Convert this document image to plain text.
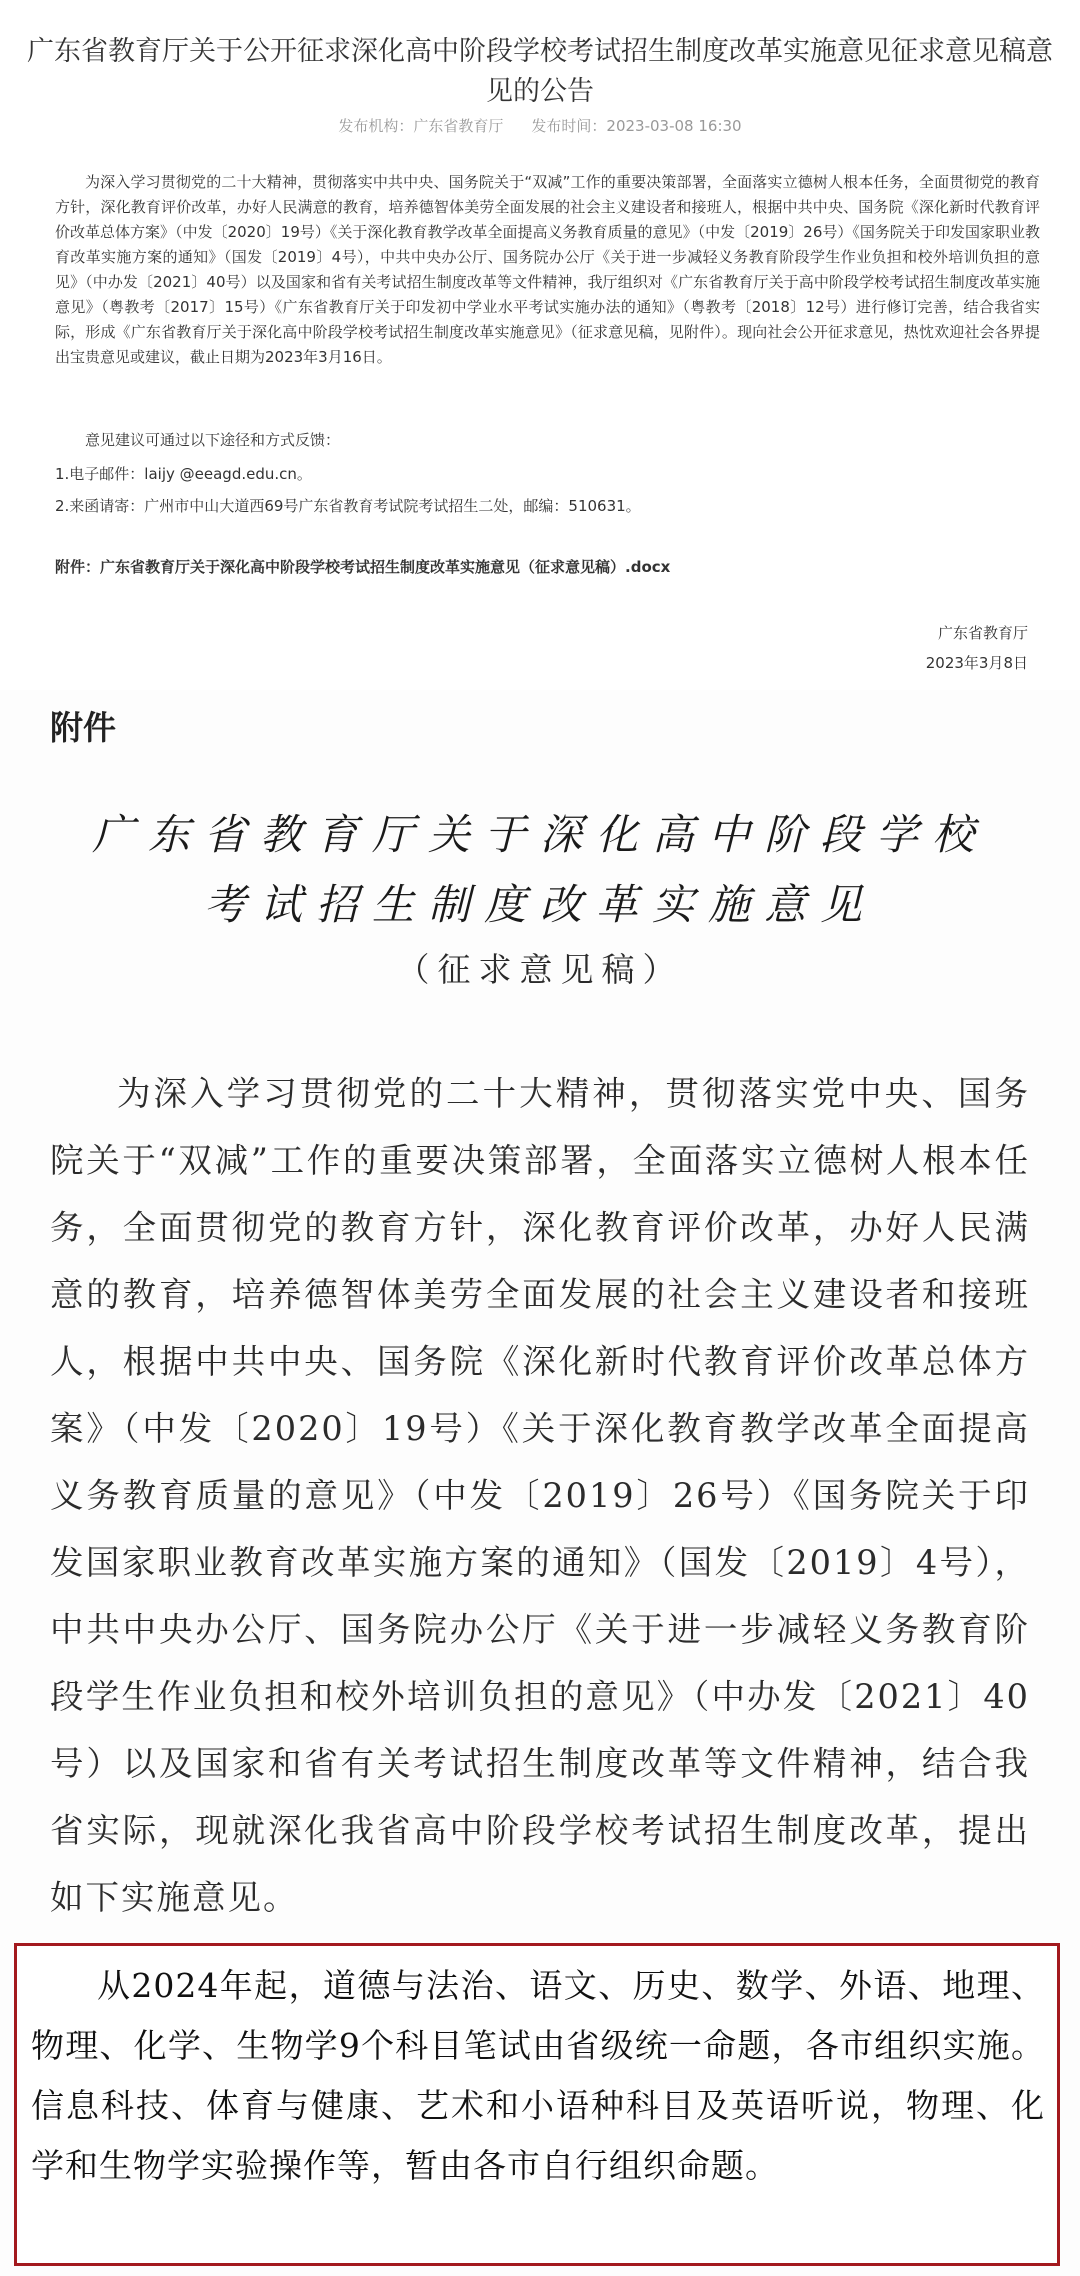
广东省教育厅关于公开征求深化高中阶段学校考试招生制度改革实施意见征求意见稿意见的公告
发布机构：广东省教育厅 发布时间：2023-03-08 16:30

为深入学习贯彻党的二十大精神，贯彻落实中共中央、国务院关于“双减”工作的重要决策部署，全面落实立德树人根本任务，全面贯彻党的教育方针，深化教育评价改革，办好人民满意的教育，培养德智体美劳全面发展的社会主义建设者和接班人，根据中共中央、国务院《深化新时代教育评价改革总体方案》（中发〔2020〕19号）《关于深化教育教学改革全面提高义务教育质量的意见》（中发〔2019〕26号）《国务院关于印发国家职业教育改革实施方案的通知》（国发〔2019〕4号），中共中央办公厅、国务院办公厅《关于进一步减轻义务教育阶段学生作业负担和校外培训负担的意见》（中办发〔2021〕40号）以及国家和省有关考试招生制度改革等文件精神，我厅组织对《广东省教育厅关于高中阶段学校考试招生制度改革实施意见》（粤教考〔2017〕15号）《广东省教育厅关于印发初中学业水平考试实施办法的通知》（粤教考〔2018〕12号）进行修订完善，结合我省实际，形成《广东省教育厅关于深化高中阶段学校考试招生制度改革实施意见》（征求意见稿，见附件）。现向社会公开征求意见，热忱欢迎社会各界提出宝贵意见或建议，截止日期为2023年3月16日。

意见建议可通过以下途径和方式反馈：
1.电子邮件：laijy @eeagd.edu.cn。
2.来函请寄：广州市中山大道西69号广东省教育考试院考试招生二处，邮编：510631。
附件：广东省教育厅关于深化高中阶段学校考试招生制度改革实施意见（征求意见稿）.docx
广东省教育厅
2023年3月8日
附件
广东省教育厅关于深化高中阶段学校
考试招生制度改革实施意见
（征求意见稿）

为深入学习贯彻党的二十大精神，贯彻落实党中央、国务院关于“双减”工作的重要决策部署，全面落实立德树人根本任务，全面贯彻党的教育方针，深化教育评价改革，办好人民满意的教育，培养德智体美劳全面发展的社会主义建设者和接班人，根据中共中央、国务院《深化新时代教育评价改革总体方案》（中发〔2020〕19号）《关于深化教育教学改革全面提高义务教育质量的意见》（中发〔2019〕26号）《国务院关于印发国家职业教育改革实施方案的通知》（国发〔2019〕4号），中共中央办公厅、国务院办公厅《关于进一步减轻义务教育阶段学生作业负担和校外培训负担的意见》（中办发〔2021〕40号）以及国家和省有关考试招生制度改革等文件精神，结合我省实际，现就深化我省高中阶段学校考试招生制度改革，提出如下实施意见。

从2024年起，道德与法治、语文、历史、数学、外语、地理、物理、化学、生物学9个科目笔试由省级统一命题，各市组织实施。信息科技、体育与健康、艺术和小语种科目及英语听说，物理、化学和生物学实验操作等，暂由各市自行组织命题。
